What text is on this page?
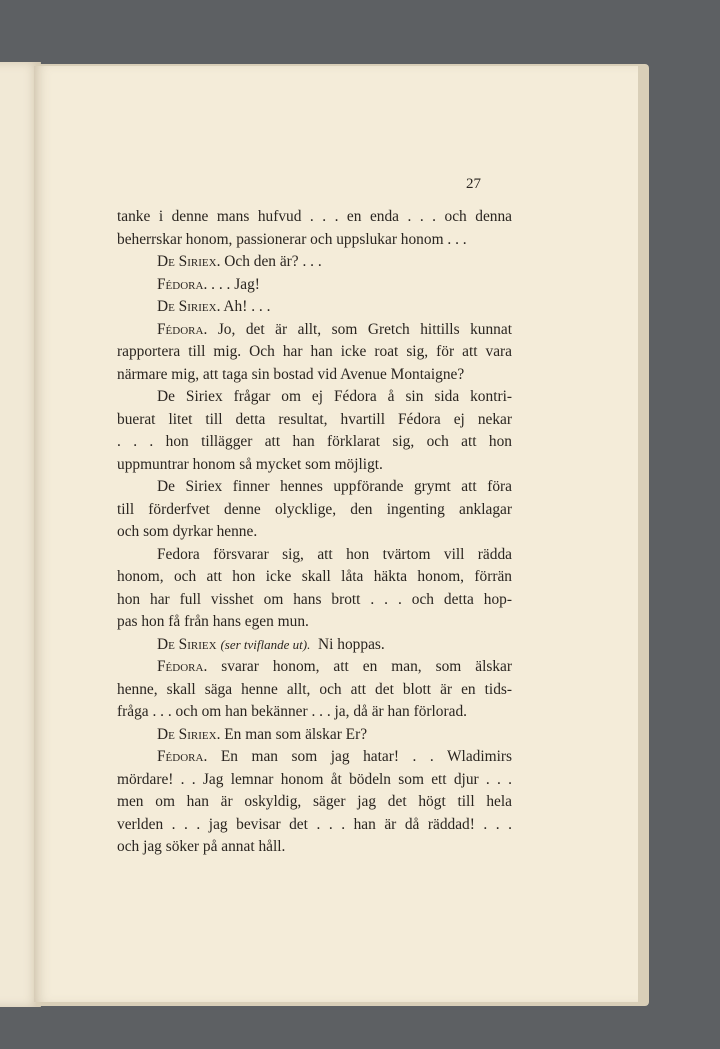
27
tanke i denne mans hufvud . . . en enda . . . och denna
beherrskar honom, passionerar och uppslukar honom . . .
De Siriex. Och den är? . . .
Fédora. . . . Jag!
De Siriex. Ah! . . .
Fédora. Jo, det är allt, som Gretch hittills kunnat
rapportera till mig. Och har han icke roat sig, för att vara
närmare mig, att taga sin bostad vid Avenue Montaigne?
De Siriex frågar om ej Fédora å sin sida kontri-
buerat litet till detta resultat, hvartill Fédora ej nekar
. . . hon tillägger att han förklarat sig, och att hon
uppmuntrar honom så mycket som möjligt.
De Siriex finner hennes uppförande grymt att föra
till förderfvet denne olycklige, den ingenting anklagar
och som dyrkar henne.
Fedora försvarar sig, att hon tvärtom vill rädda
honom, och att hon icke skall låta häkta honom, förrän
hon har full visshet om hans brott . . . och detta hop-
pas hon få från hans egen mun.
De Siriex (ser tviflande ut). Ni hoppas.
Fédora. svarar honom, att en man, som älskar
henne, skall säga henne allt, och att det blott är en tids-
fråga . . . och om han bekänner . . . ja, då är han förlorad.
De Siriex. En man som älskar Er?
Fédora. En man som jag hatar! . . Wladimirs
mördare! . . Jag lemnar honom åt bödeln som ett djur . . .
men om han är oskyldig, säger jag det högt till hela
verlden . . . jag bevisar det . . . han är då räddad! . . .
och jag söker på annat håll.
